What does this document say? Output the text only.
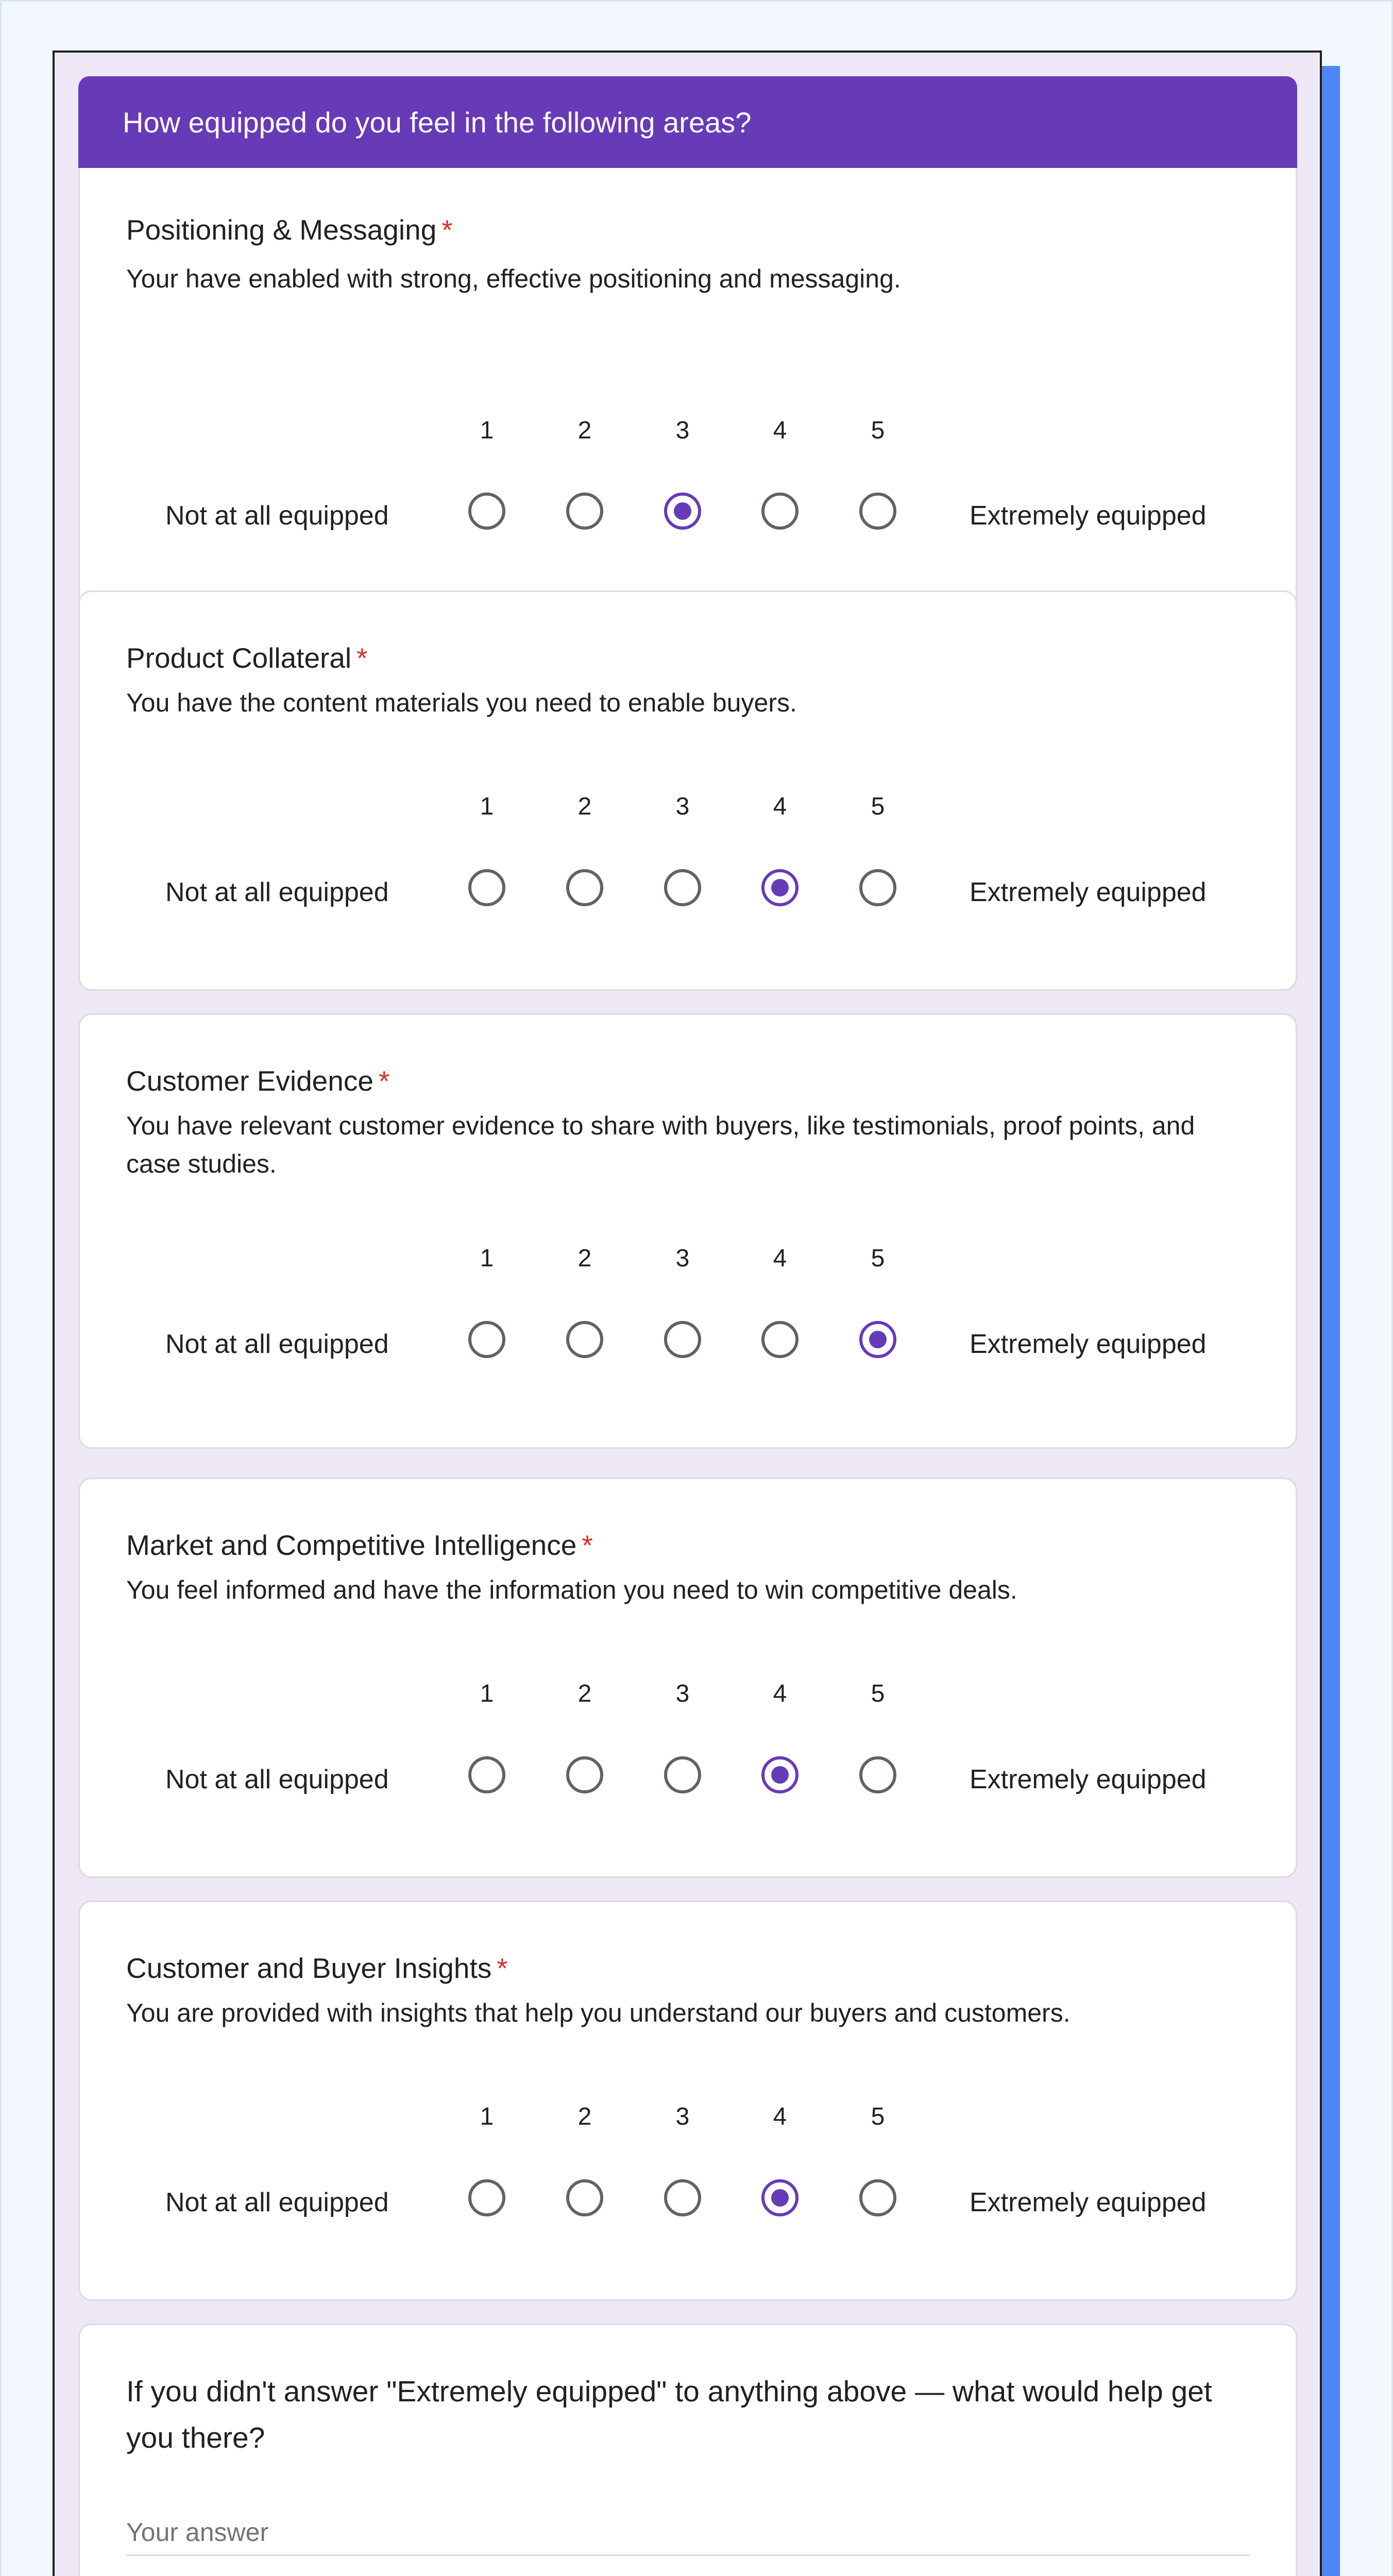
How equipped do you feel in the following areas?
Positioning & Messaging *
Your have enabled with strong, effective positioning and messaging.
Not at all equipped
1	2	3	4	5
Extremely equipped
Product Collateral *
You have the content materials you need to enable buyers.
Not at all equipped
1	2	3	4	5
Extremely equipped
Customer Evidence *
You have relevant customer evidence to share with buyers, like testimonials, proof points, and case studies.
Not at all equipped
1	2	3	4	5
Extremely equipped
Market and Competitive Intelligence *
You feel informed and have the information you need to win competitive deals.
Not at all equipped
1	2	3	4	5
Extremely equipped
Customer and Buyer Insights *
You are provided with insights that help you understand our buyers and customers.
Not at all equipped
1	2	3	4	5
Extremely equipped
If you didn't answer "Extremely equipped" to anything above — what would help get you there?
Your answer
